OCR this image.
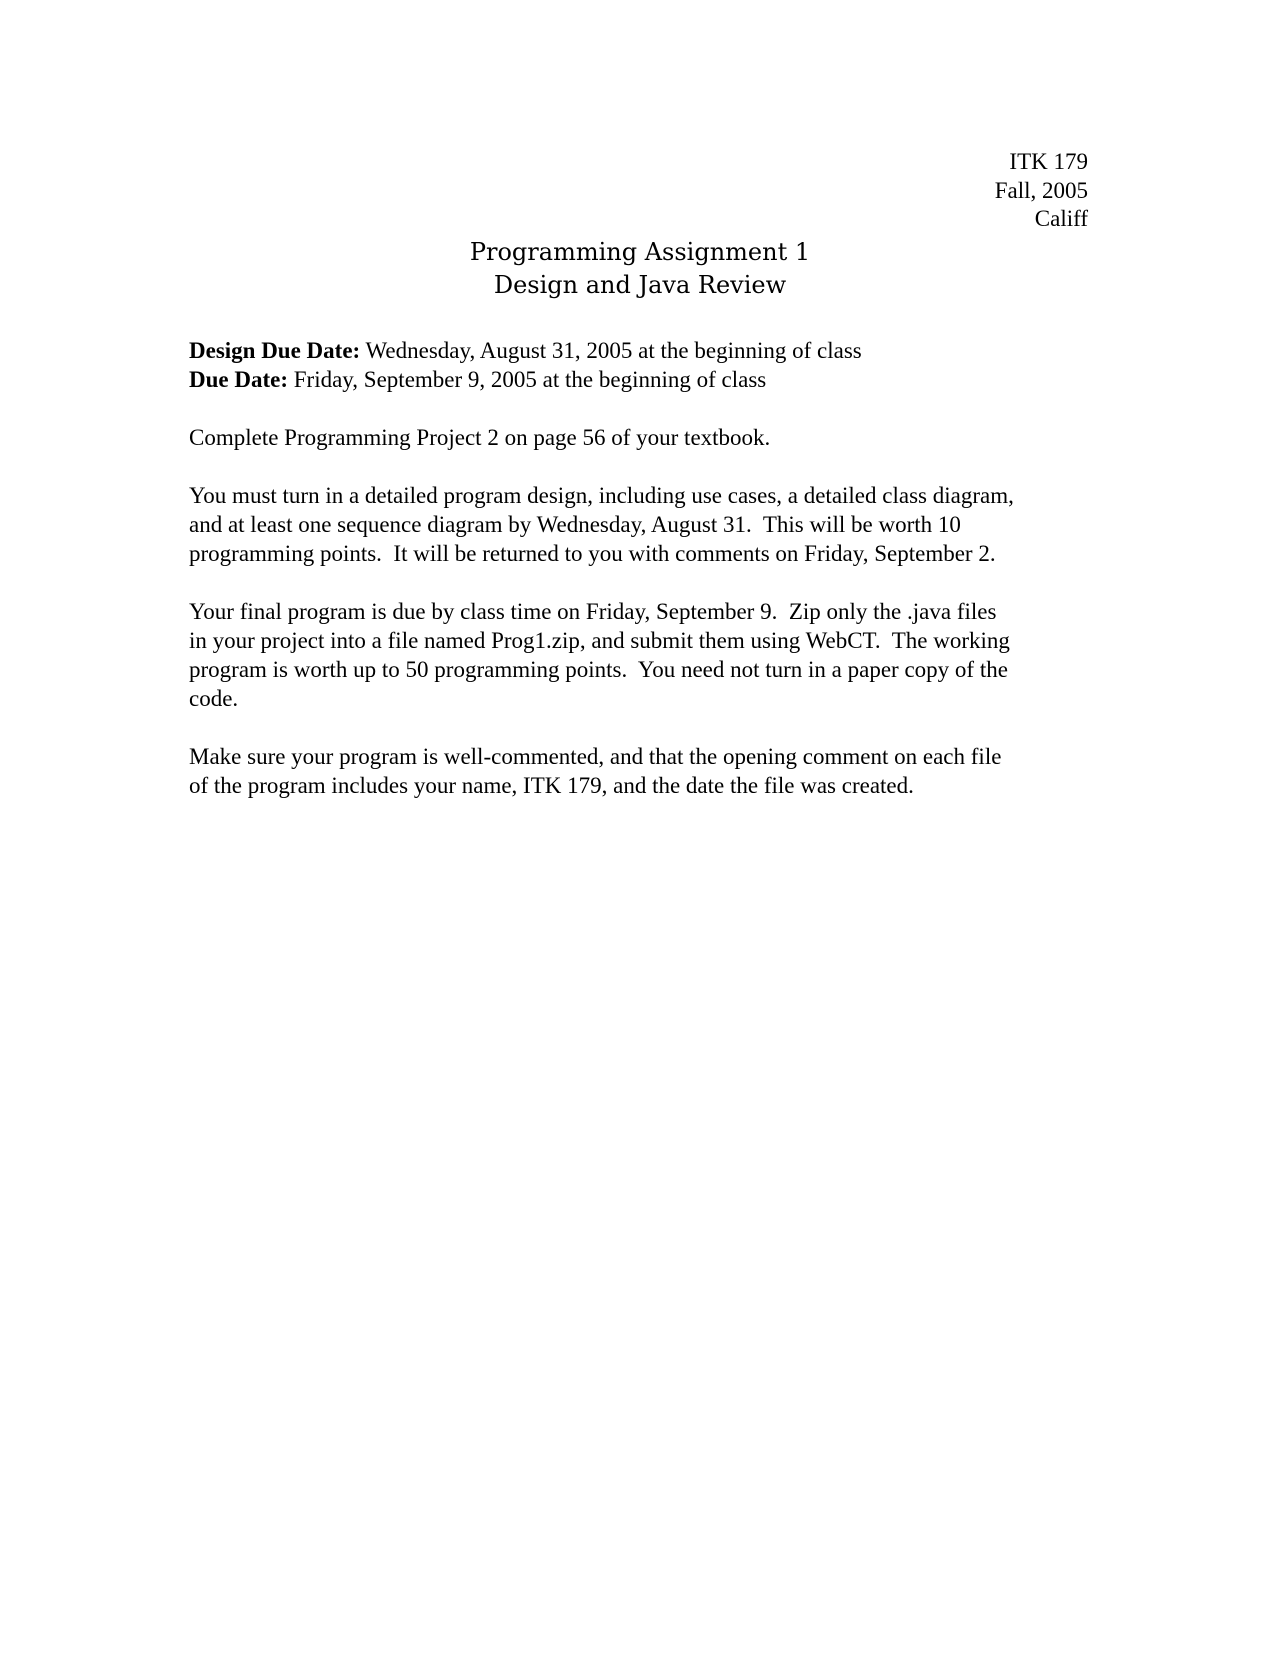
ITK 179
Fall, 2005
Califf
Programming Assignment 1
Design and Java Review
Design Due Date: Wednesday, August 31, 2005 at the beginning of class
Due Date: Friday, September 9, 2005 at the beginning of class
Complete Programming Project 2 on page 56 of your textbook.
You must turn in a detailed program design, including use cases, a detailed class diagram,
and at least one sequence diagram by Wednesday, August 31.  This will be worth 10
programming points.  It will be returned to you with comments on Friday, September 2.
Your final program is due by class time on Friday, September 9.  Zip only the .java files
in your project into a file named Prog1.zip, and submit them using WebCT.  The working
program is worth up to 50 programming points.  You need not turn in a paper copy of the
code.
Make sure your program is well-commented, and that the opening comment on each file
of the program includes your name, ITK 179, and the date the file was created.
